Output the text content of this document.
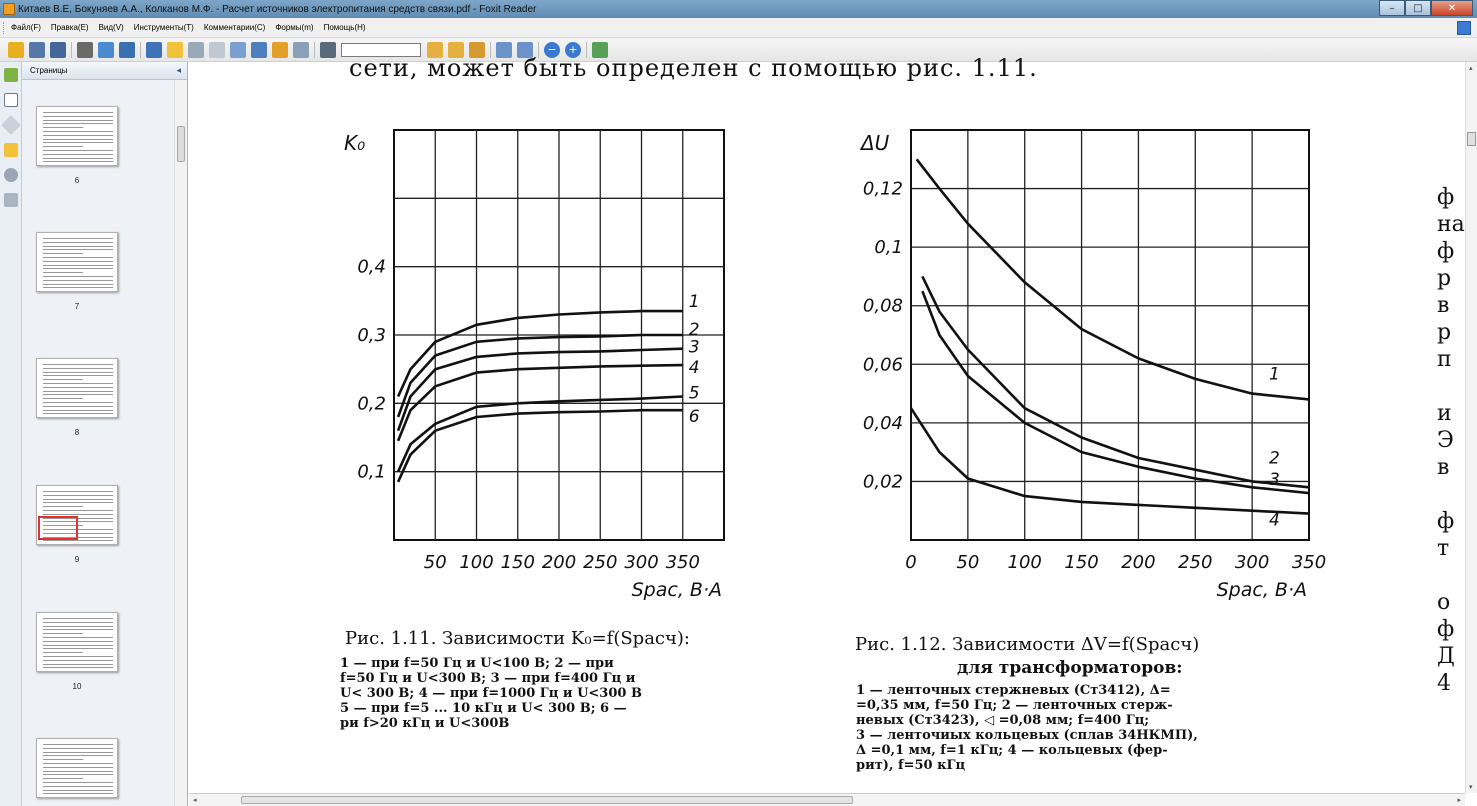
Китаев В.Е, Бокуняев А.А., Колканов М.Ф. - Расчет источников электропитания средств связи.pdf - Foxit Reader	–	□	✕
Файл(F)	Правка(E)	Вид(V)	Инструменты(T)	Комментарии(C)	Формы(m)	Помощь(H)
−	+
Страницы	◂
6
7
8
9
10
сети, может быть определен с помощью рис. 1.11.
50 100 150 200 250 300 350
0,1
0,2
0,3
0,4
1
2
3
4
5
6
K₀
Sрас, В·А
0 50 100 150 200 250 300 350
0,02
0,04
0,06
0,08
0,1
0,12
1
2
3
4
ΔU
Sрас, В·А
Рис. 1.11. Зависимости K₀=f(Sрасч):
1 — при f=50 Гц и U<100 В; 2 — при
f=50 Гц и U<300 В; 3 — при f=400 Гц и
U< 300 В; 4 — при f=1000 Гц и U<300 В
5 — при f=5 ... 10 кГц и U< 300 В; 6 —
ри f>20 кГц и U<300В
Рис. 1.12. Зависимости ΔV=f(Sрасч)
для трансформаторов:
1 — ленточных стержневых (Ст3412), Δ=
=0,35 мм, f=50 Гц; 2 — ленточных стерж-
невых (Ст3423), ◁ =0,08 мм; f=400 Гц;
3 — ленточиых кольцевых (сплав 34НКМП),
Δ =0,1 мм, f=1 кГц; 4 — кольцевых (фер-
рит), f=50 кГц
ф
на
ф
р
в
р
п

и
Э
в

ф
т

о
ф
Д
4
▴
▾
◂	▸
